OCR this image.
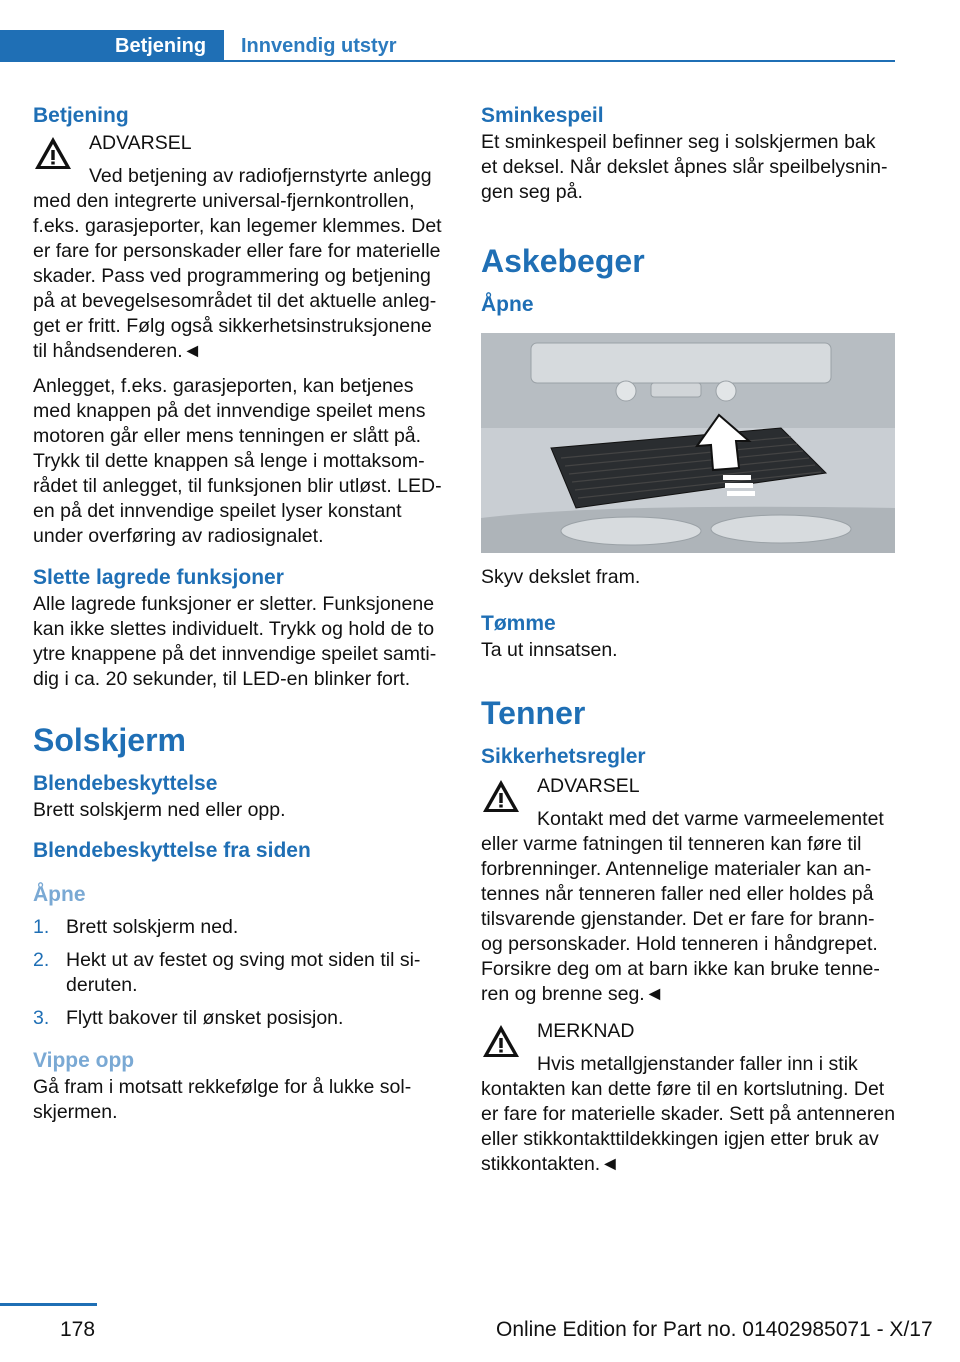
Betjening	Innvendig utstyr
Betjening

ADVARSEL

Ved betjening av radiofjernstyrte anlegg

med den integrerte universal-fjernkontrollen, f.eks. garasjeporter, kan legemer klemmes. Det er fare for personskader eller fare for materielle skader. Pass ved programmering og betjening på at bevegelsesområdet til det aktuelle anlegget er fritt. Følg også sikkerhetsinstruksjonene til håndsenderen.◄

Anlegget, f.eks. garasjeporten, kan betjenes med knappen på det innvendige speilet mens motoren går eller mens tenningen er slått på. Trykk til dette knappen så lenge i mottaksområdet til anlegget, til funksjonen blir utløst. LED-en på det innvendige speilet lyser konstant under overføring av radiosignalet.

Slette lagrede funksjoner

Alle lagrede funksjoner er sletter. Funksjonene kan ikke slettes individuelt. Trykk og hold de to ytre knappene på det innvendige speilet samtidig i ca. 20 sekunder, til LED-en blinker fort.

Solskjerm
Blendebeskyttelse

Brett solskjerm ned eller opp.

Blendebeskyttelse fra siden
Åpne
1. Brett solskjerm ned.
2. Hekt ut av festet og sving mot siden til sideruten.
3. Flytt bakover til ønsket posisjon.
Vippe opp

Gå fram i motsatt rekkefølge for å lukke solskjermen.

Sminkespeil

Et sminkespeil befinner seg i solskjermen bak et deksel. Når dekslet åpnes slår speilbelysningen seg på.

Askebeger
Åpne

Skyv dekslet fram.

Tømme

Ta ut innsatsen.

Tenner
Sikkerhetsregler

ADVARSEL

Kontakt med det varme varmeelementet

eller varme fatningen til tenneren kan føre til forbrenninger. Antennelige materialer kan antennes når tenneren faller ned eller holdes på tilsvarende gjenstander. Det er fare for brann- og personskader. Hold tenneren i håndgrepet. Forsikre deg om at barn ikke kan bruke tenneren og brenne seg.◄

MERKNAD

Hvis metallgjenstander faller inn i stik

kontakten kan dette føre til en kortslutning. Det er fare for materielle skader. Sett på antenneren eller stikkontakttildekkingen igjen etter bruk av stikkontakten.◄

178	Online Edition for Part no. 01402985071 - X/17
